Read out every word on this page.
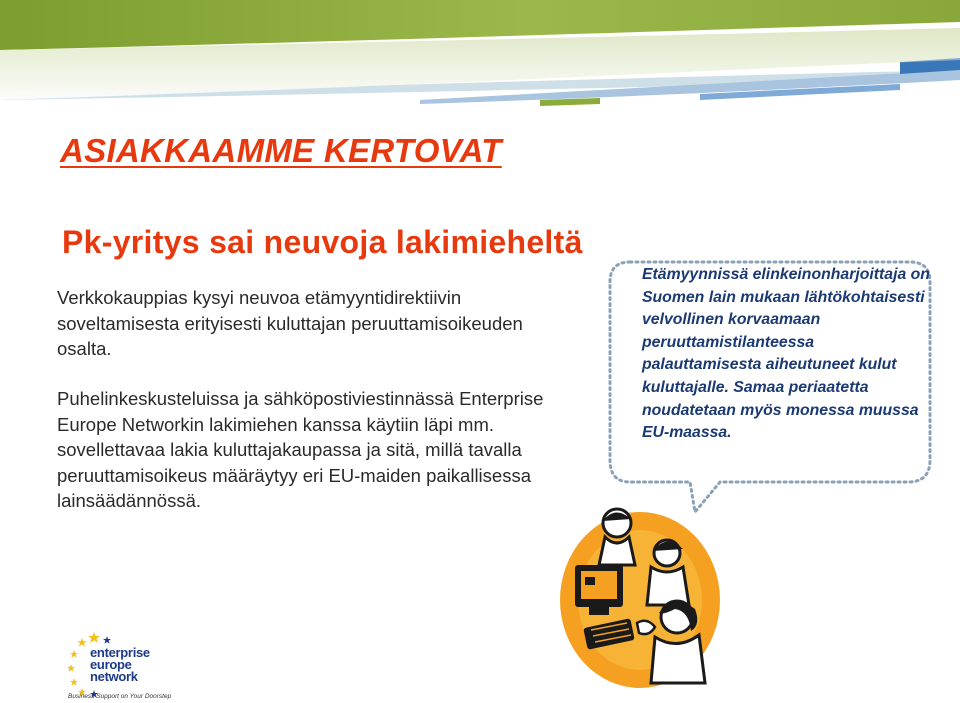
ASIAKKAAMME KERTOVAT
Pk-yritys sai neuvoja lakimieheltä
Verkkokauppias kysyi neuvoa etämyyntidirektiivin soveltamisesta erityisesti kuluttajan peruuttamisoikeuden osalta.
Puhelinkeskusteluissa ja sähköpostiviestinnässä Enterprise Europe Networkin lakimiehen kanssa käytiin läpi mm. sovellettavaa lakia kuluttajakaupassa ja sitä, millä tavalla peruuttamisoikeus määräytyy eri EU-maiden paikallisessa lainsäädännössä.
Etämyynnissä elinkeinonharjoittaja on Suomen lain mukaan lähtökohtaisesti velvollinen korvaamaan peruuttamistilanteessa palauttamisesta aiheutuneet kulut kuluttajalle. Samaa periaatetta noudatetaan myös monessa muussa EU-maassa.
enterprise
europe
network
Business Support on Your Doorstep
